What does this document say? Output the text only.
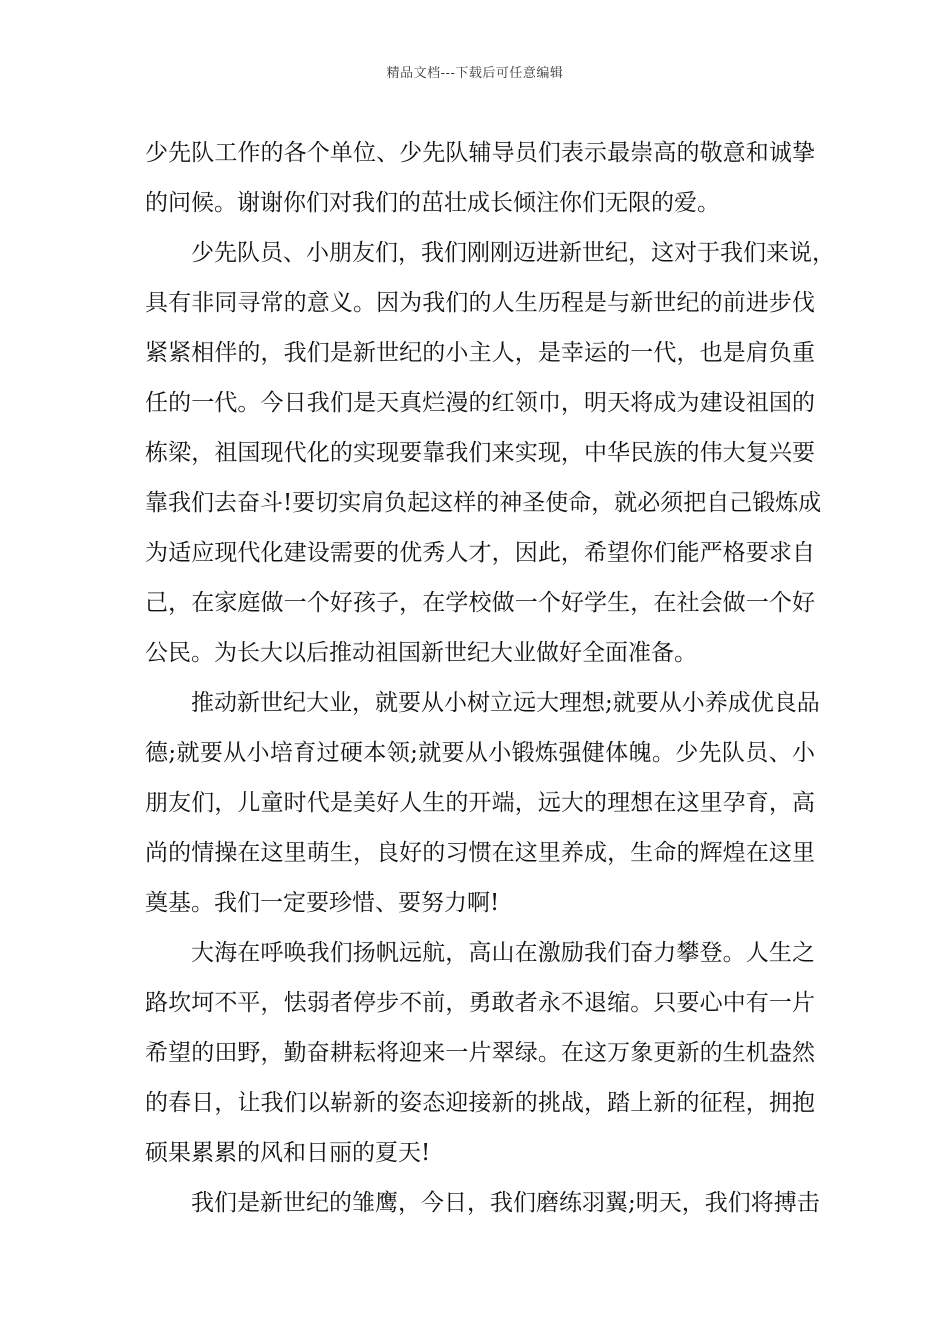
精品文档---下载后可任意编辑
少先队工作的各个单位、少先队辅导员们表示最崇高的敬意和诚挚
的问候。谢谢你们对我们的茁壮成长倾注你们无限的爱。
少先队员、小朋友们，我们刚刚迈进新世纪，这对于我们来说，
具有非同寻常的意义。因为我们的人生历程是与新世纪的前进步伐
紧紧相伴的，我们是新世纪的小主人，是幸运的一代，也是肩负重
任的一代。今日我们是天真烂漫的红领巾，明天将成为建设祖国的
栋梁，祖国现代化的实现要靠我们来实现，中华民族的伟大复兴要
靠我们去奋斗!要切实肩负起这样的神圣使命，就必须把自己锻炼成
为适应现代化建设需要的优秀人才，因此，希望你们能严格要求自
己，在家庭做一个好孩子，在学校做一个好学生，在社会做一个好
公民。为长大以后推动祖国新世纪大业做好全面准备。
推动新世纪大业，就要从小树立远大理想;就要从小养成优良品
德;就要从小培育过硬本领;就要从小锻炼强健体魄。少先队员、小
朋友们，儿童时代是美好人生的开端，远大的理想在这里孕育，高
尚的情操在这里萌生，良好的习惯在这里养成，生命的辉煌在这里
奠基。我们一定要珍惜、要努力啊!
大海在呼唤我们扬帆远航，高山在激励我们奋力攀登。人生之
路坎坷不平，怯弱者停步不前，勇敢者永不退缩。只要心中有一片
希望的田野，勤奋耕耘将迎来一片翠绿。在这万象更新的生机盎然
的春日，让我们以崭新的姿态迎接新的挑战，踏上新的征程，拥抱
硕果累累的风和日丽的夏天!
我们是新世纪的雏鹰，今日，我们磨练羽翼;明天，我们将搏击
